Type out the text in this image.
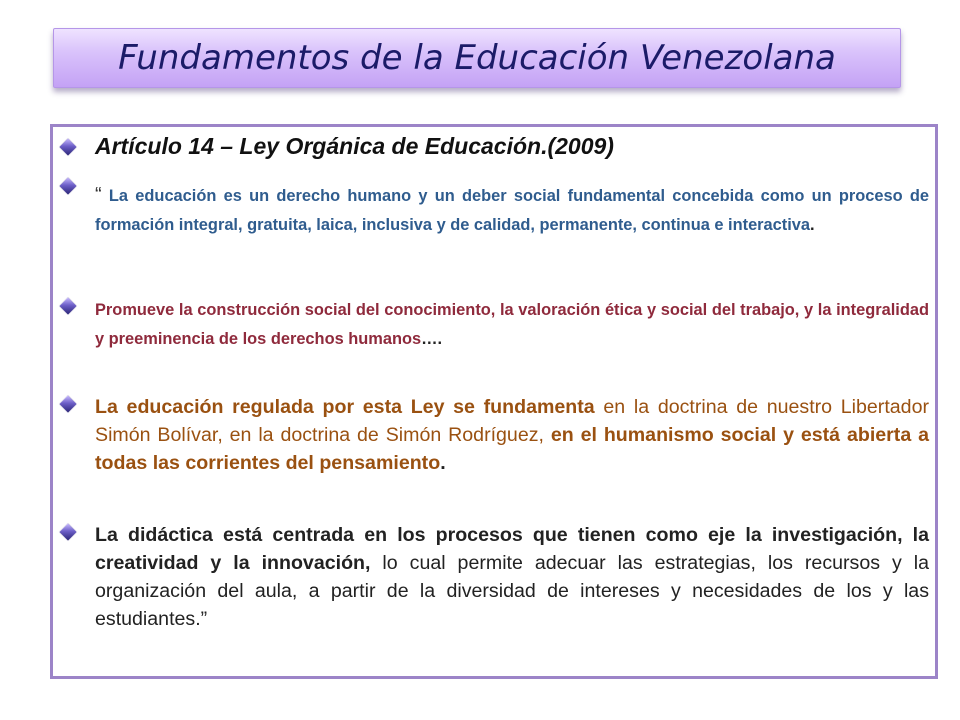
Fundamentos de la Educación Venezolana
Artículo 14 – Ley Orgánica de Educación.(2009)
“ La educación es un derecho humano y un deber social fundamental concebida como un proceso de formación integral, gratuita, laica, inclusiva y de calidad, permanente, continua e interactiva.
Promueve la construcción social del conocimiento, la valoración ética y social del trabajo, y la integralidad y preeminencia de los derechos humanos….
La educación regulada por esta Ley se fundamenta en la doctrina de nuestro Libertador Simón Bolívar, en la doctrina de Simón Rodríguez, en el humanismo social y está abierta a todas las corrientes del pensamiento.
La didáctica está centrada en los procesos que tienen como eje la investigación, la creatividad y la innovación, lo cual permite adecuar las estrategias, los recursos y la organización del aula, a partir de la diversidad de intereses y necesidades de los y las estudiantes.”
